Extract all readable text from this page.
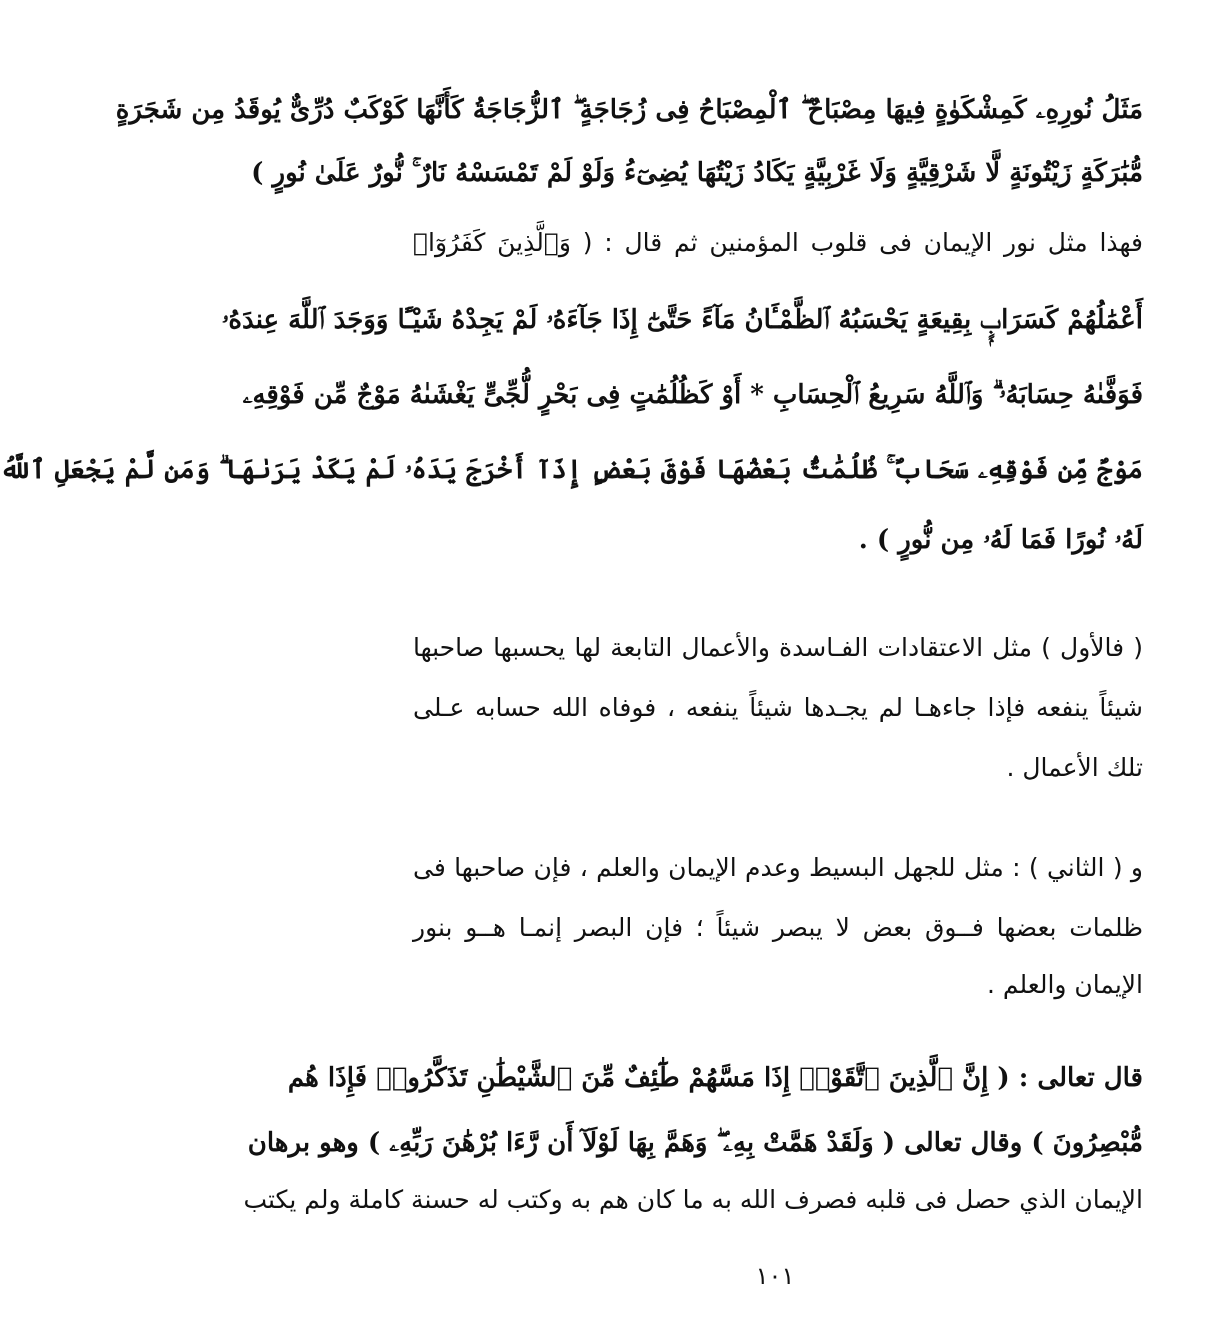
مَثَلُ نُورِهِۦ كَمِشْكَوٰةٍ فِيهَا مِصْبَاحٌ ۖ ٱلْمِصْبَاحُ فِى زُجَاجَةٍ ۖ ٱلزُّجَاجَةُ كَأَنَّهَا كَوْكَبٌ دُرِّىٌّ يُوقَدُ مِن شَجَرَةٍ
مُّبَٰرَكَةٍ زَيْتُونَةٍ لَّا شَرْقِيَّةٍ وَلَا غَرْبِيَّةٍ يَكَادُ زَيْتُهَا يُضِىٓءُ وَلَوْ لَمْ تَمْسَسْهُ نَارٌ ۚ نُّورٌ عَلَىٰ نُورٍ )
فهذا مثل نور الإيمان فى قلوب المؤمنين ثم قال : ( وَٱلَّذِينَ كَفَرُوٓا۟
أَعْمَٰلُهُمْ كَسَرَابٍۭ بِقِيعَةٍ يَحْسَبُهُ ٱلظَّمْـَٔانُ مَآءً حَتَّىٰٓ إِذَا جَآءَهُۥ لَمْ يَجِدْهُ شَيْـًٔا وَوَجَدَ ٱللَّهَ عِندَهُۥ
فَوَفَّىٰهُ حِسَابَهُۥ ۗ وَٱللَّهُ سَرِيعُ ٱلْحِسَابِ * أَوْ كَظُلُمَٰتٍ فِى بَحْرٍ لُّجِّىٍّ يَغْشَىٰهُ مَوْجٌ مِّن فَوْقِهِۦ
مَوْجٌ مِّن فَوْقِهِۦ سَحَابٌ ۚ ظُلُمَٰتٌۢ بَعْضُهَا فَوْقَ بَعْضٍ إِذَآ أَخْرَجَ يَدَهُۥ لَمْ يَكَدْ يَرَىٰهَا ۗ وَمَن لَّمْ يَجْعَلِ ٱللَّهُ
لَهُۥ نُورًا فَمَا لَهُۥ مِن نُّورٍ ) .
( فالأول ) مثل الاعتقادات الفـاسدة والأعمال التابعة لها يحسبها صاحبها
شيئاً ينفعه فإذا جاءهـا لم يجـدها شيئاً ينفعه ، فوفاه الله حسابه عـلى
تلك الأعمال .
و ( الثاني ) : مثل للجهل البسيط وعدم الإيمان والعلم ، فإن صاحبها فى
ظلمات بعضها فــوق بعض لا يبصر شيئاً ؛ فإن البصر إنمـا هــو بنور
الإيمان والعلم .
قال تعالى : ( إِنَّ ٱلَّذِينَ ٱتَّقَوْا۟ إِذَا مَسَّهُمْ طَٰٓئِفٌ مِّنَ ٱلشَّيْطَٰنِ تَذَكَّرُوا۟ فَإِذَا هُم
مُّبْصِرُونَ ) وقال تعالى ( وَلَقَدْ هَمَّتْ بِهِۦ ۖ وَهَمَّ بِهَا لَوْلَآ أَن رَّءَا بُرْهَٰنَ رَبِّهِۦ ) وهو برهان
الإيمان الذي حصل فى قلبه فصرف الله به ما كان هم به وكتب له حسنة كاملة ولم يكتب
١٠١
